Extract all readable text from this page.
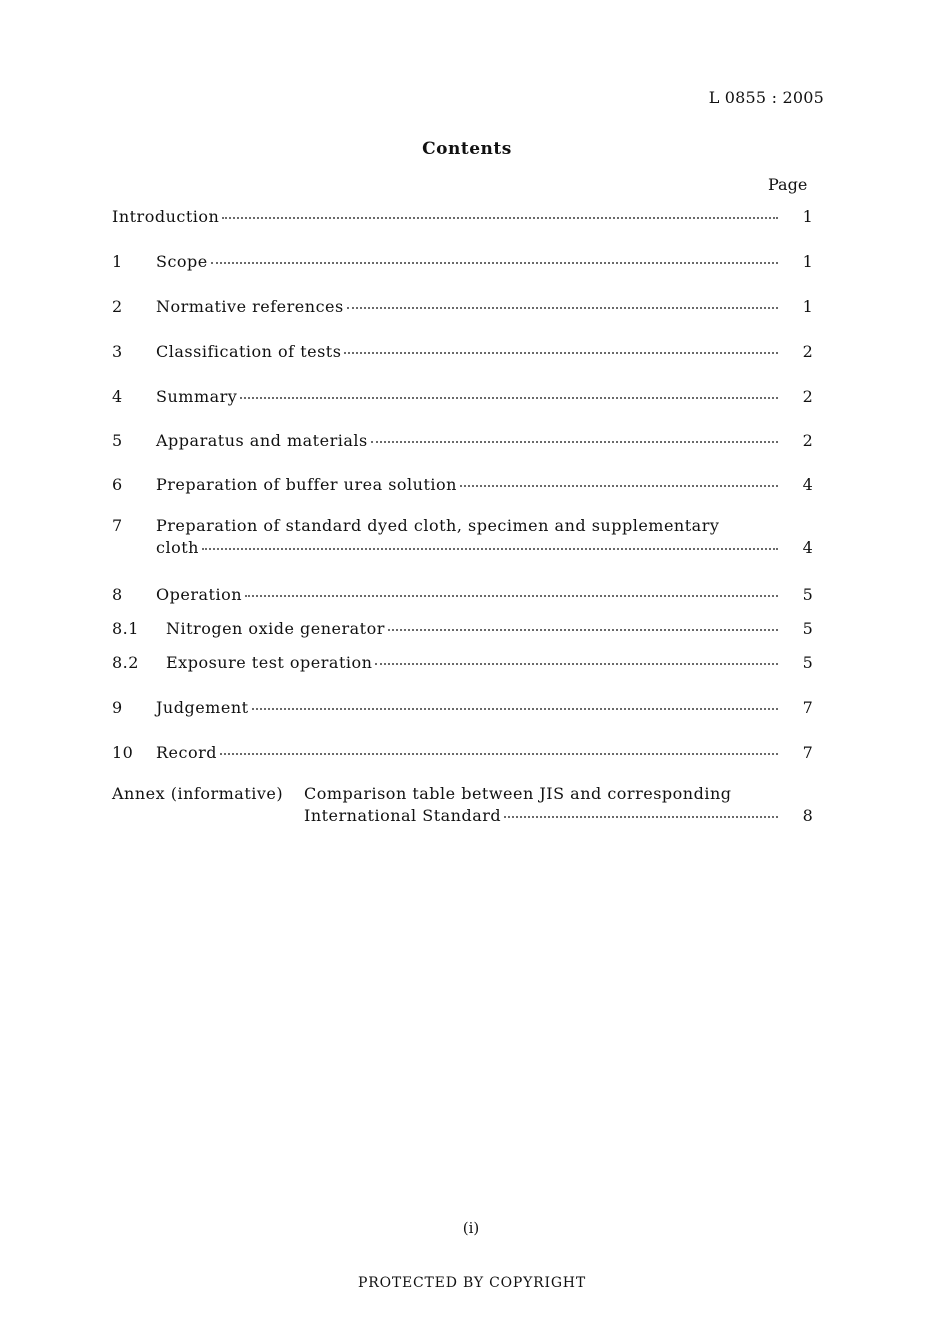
L 0855 : 2005
Contents
Page
Introduction	1
1	Scope	1
2	Normative references	1
3	Classification of tests	2
4	Summary	2
5	Apparatus and materials	2
6	Preparation of buffer urea solution	4
7	Preparation of standard dyed cloth, specimen and supplementary
cloth	4
8	Operation	5
8.1	Nitrogen oxide generator	5
8.2	Exposure test operation	5
9	Judgement	7
10	Record	7
Annex (informative)	Comparison table between JIS and corresponding
International Standard	8
(i)
PROTECTED BY COPYRIGHT
